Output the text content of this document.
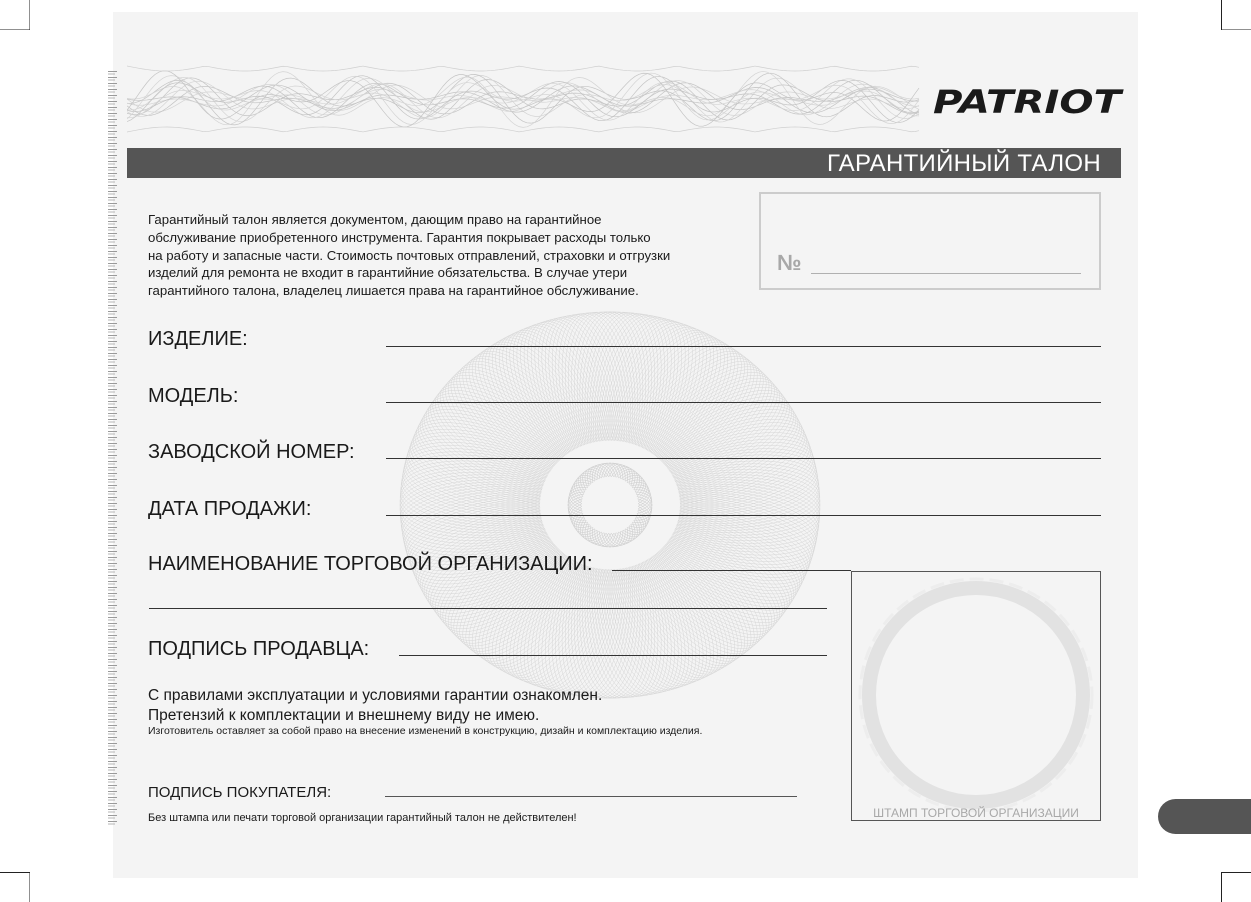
PATRIOT
ГАРАНТИЙНЫЙ ТАЛОН
№
Гарантийный талон является документом, дающим право на гарантийное
обслуживание приобретенного инструмента. Гарантия покрывает расходы только
на работу и запасные части. Стоимость почтовых отправлений, страховки и отгрузки
изделий для ремонта не входит в гарантийние обязательства. В случае утери
гарантийного талона, владелец лишается права на гарантийное обслуживание.
ИЗДЕЛИЕ:
МОДЕЛЬ:
ЗАВОДСКОЙ НОМЕР:
ДАТА ПРОДАЖИ:
НАИМЕНОВАНИЕ ТОРГОВОЙ ОРГАНИЗАЦИИ:
ПОДПИСЬ ПРОДАВЦА:
ШТАМП ТОРГОВОЙ ОРГАНИЗАЦИИ
С правилами эксплуатации и условиями гарантии ознакомлен.
Претензий к комплектации и внешнему виду не имею.
Изготовитель оставляет за собой право на внесение изменений в конструкцию, дизайн и комплектацию изделия.
ПОДПИСЬ ПОКУПАТЕЛЯ:
Без штампа или печати торговой организации гарантийный талон не действителен!
